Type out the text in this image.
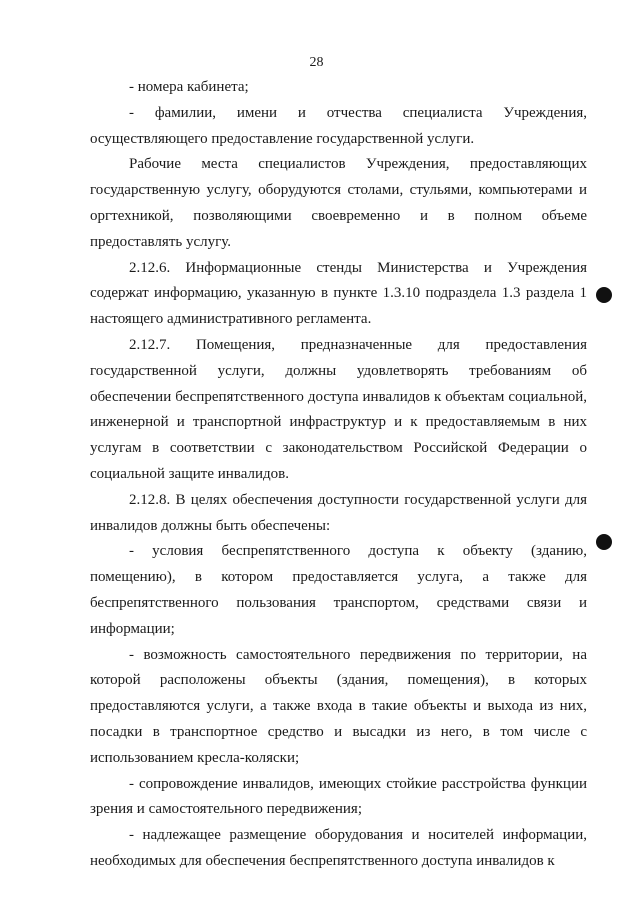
28

- номера кабинета;

- фамилии, имени и отчества специалиста Учреждения, осуществляющего предоставление государственной услуги.

Рабочие места специалистов Учреждения, предоставляющих государственную услугу, оборудуются столами, стульями, компьютерами и оргтехникой, позволяющими своевременно и в полном объеме предоставлять услугу.

2.12.6. Информационные стенды Министерства и Учреждения содержат информацию, указанную в пункте 1.3.10 подраздела 1.3 раздела 1 настоящего административного регламента.

2.12.7. Помещения, предназначенные для предоставления государственной услуги, должны удовлетворять требованиям об обеспечении беспрепятственного доступа инвалидов к объектам социальной, инженерной и транспортной инфраструктур и к предоставляемым в них услугам в соответствии с законодательством Российской Федерации о социальной защите инвалидов.

2.12.8. В целях обеспечения доступности государственной услуги для инвалидов должны быть обеспечены:

- условия беспрепятственного доступа к объекту (зданию, помещению), в котором предоставляется услуга, а также для беспрепятственного пользования транспортом, средствами связи и информации;

- возможность самостоятельного передвижения по территории, на которой расположены объекты (здания, помещения), в которых предоставляются услуги, а также входа в такие объекты и выхода из них, посадки в транспортное средство и высадки из него, в том числе с использованием кресла-коляски;

- сопровождение инвалидов, имеющих стойкие расстройства функции зрения и самостоятельного передвижения;

- надлежащее размещение оборудования и носителей информации, необходимых для обеспечения беспрепятственного доступа инвалидов к
